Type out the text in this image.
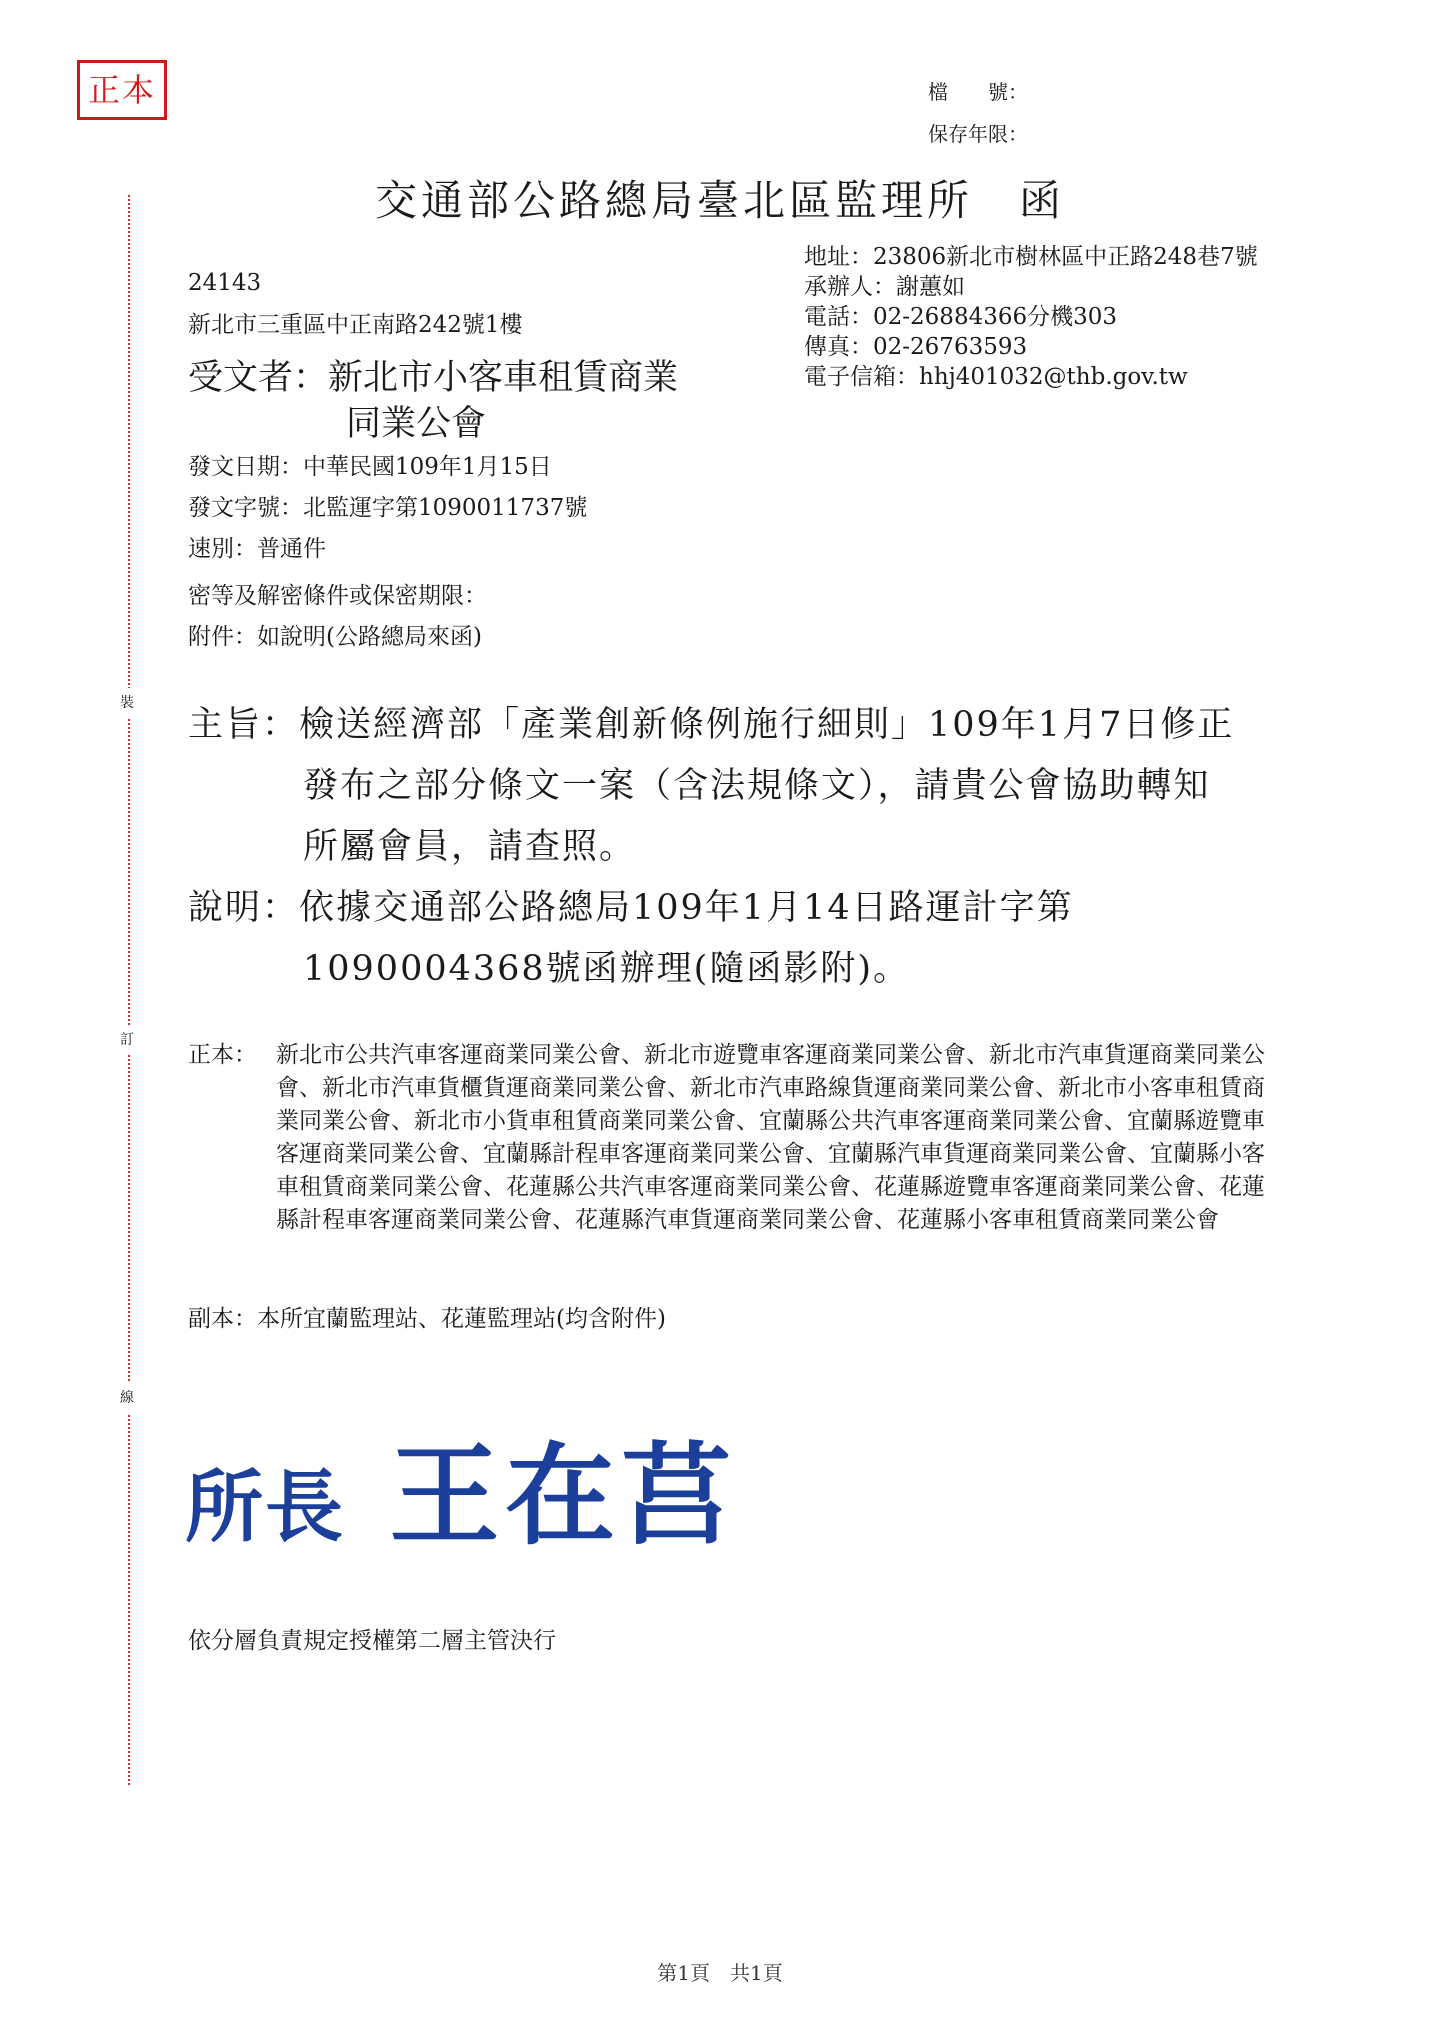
裝
訂
線
正本	檔　　號：
保存年限：
交通部公路總局臺北區監理所　函
地址：23806新北市樹林區中正路248巷7號
承辦人：謝蕙如
電話：02-26884366分機303
傳真：02-26763593
電子信箱：hhj401032@thb.gov.tw
24143
新北市三重區中正南路242號1樓
受文者：新北市小客車租賃商業
同業公會
發文日期：中華民國109年1月15日
發文字號：北監運字第1090011737號
速別：普通件
密等及解密條件或保密期限：
附件：如說明(公路總局來函)
主旨：檢送經濟部「產業創新條例施行細則」109年1月7日修正
發布之部分條文一案（含法規條文），請貴公會協助轉知
所屬會員，請查照。
說明：依據交通部公路總局109年1月14日路運計字第
1090004368號函辦理(隨函影附)。
正本： 新北市公共汽車客運商業同業公會、新北市遊覽車客運商業同業公會、新北市汽車貨運商業同業公會、新北市汽車貨櫃貨運商業同業公會、新北市汽車路線貨運商業同業公會、新北市小客車租賃商業同業公會、新北市小貨車租賃商業同業公會、宜蘭縣公共汽車客運商業同業公會、宜蘭縣遊覽車客運商業同業公會、宜蘭縣計程車客運商業同業公會、宜蘭縣汽車貨運商業同業公會、宜蘭縣小客車租賃商業同業公會、花蓮縣公共汽車客運商業同業公會、花蓮縣遊覽車客運商業同業公會、花蓮縣計程車客運商業同業公會、花蓮縣汽車貨運商業同業公會、花蓮縣小客車租賃商業同業公會
副本：本所宜蘭監理站、花蓮監理站(均含附件)
所長 王在莒
依分層負責規定授權第二層主管決行
第1頁　共1頁
